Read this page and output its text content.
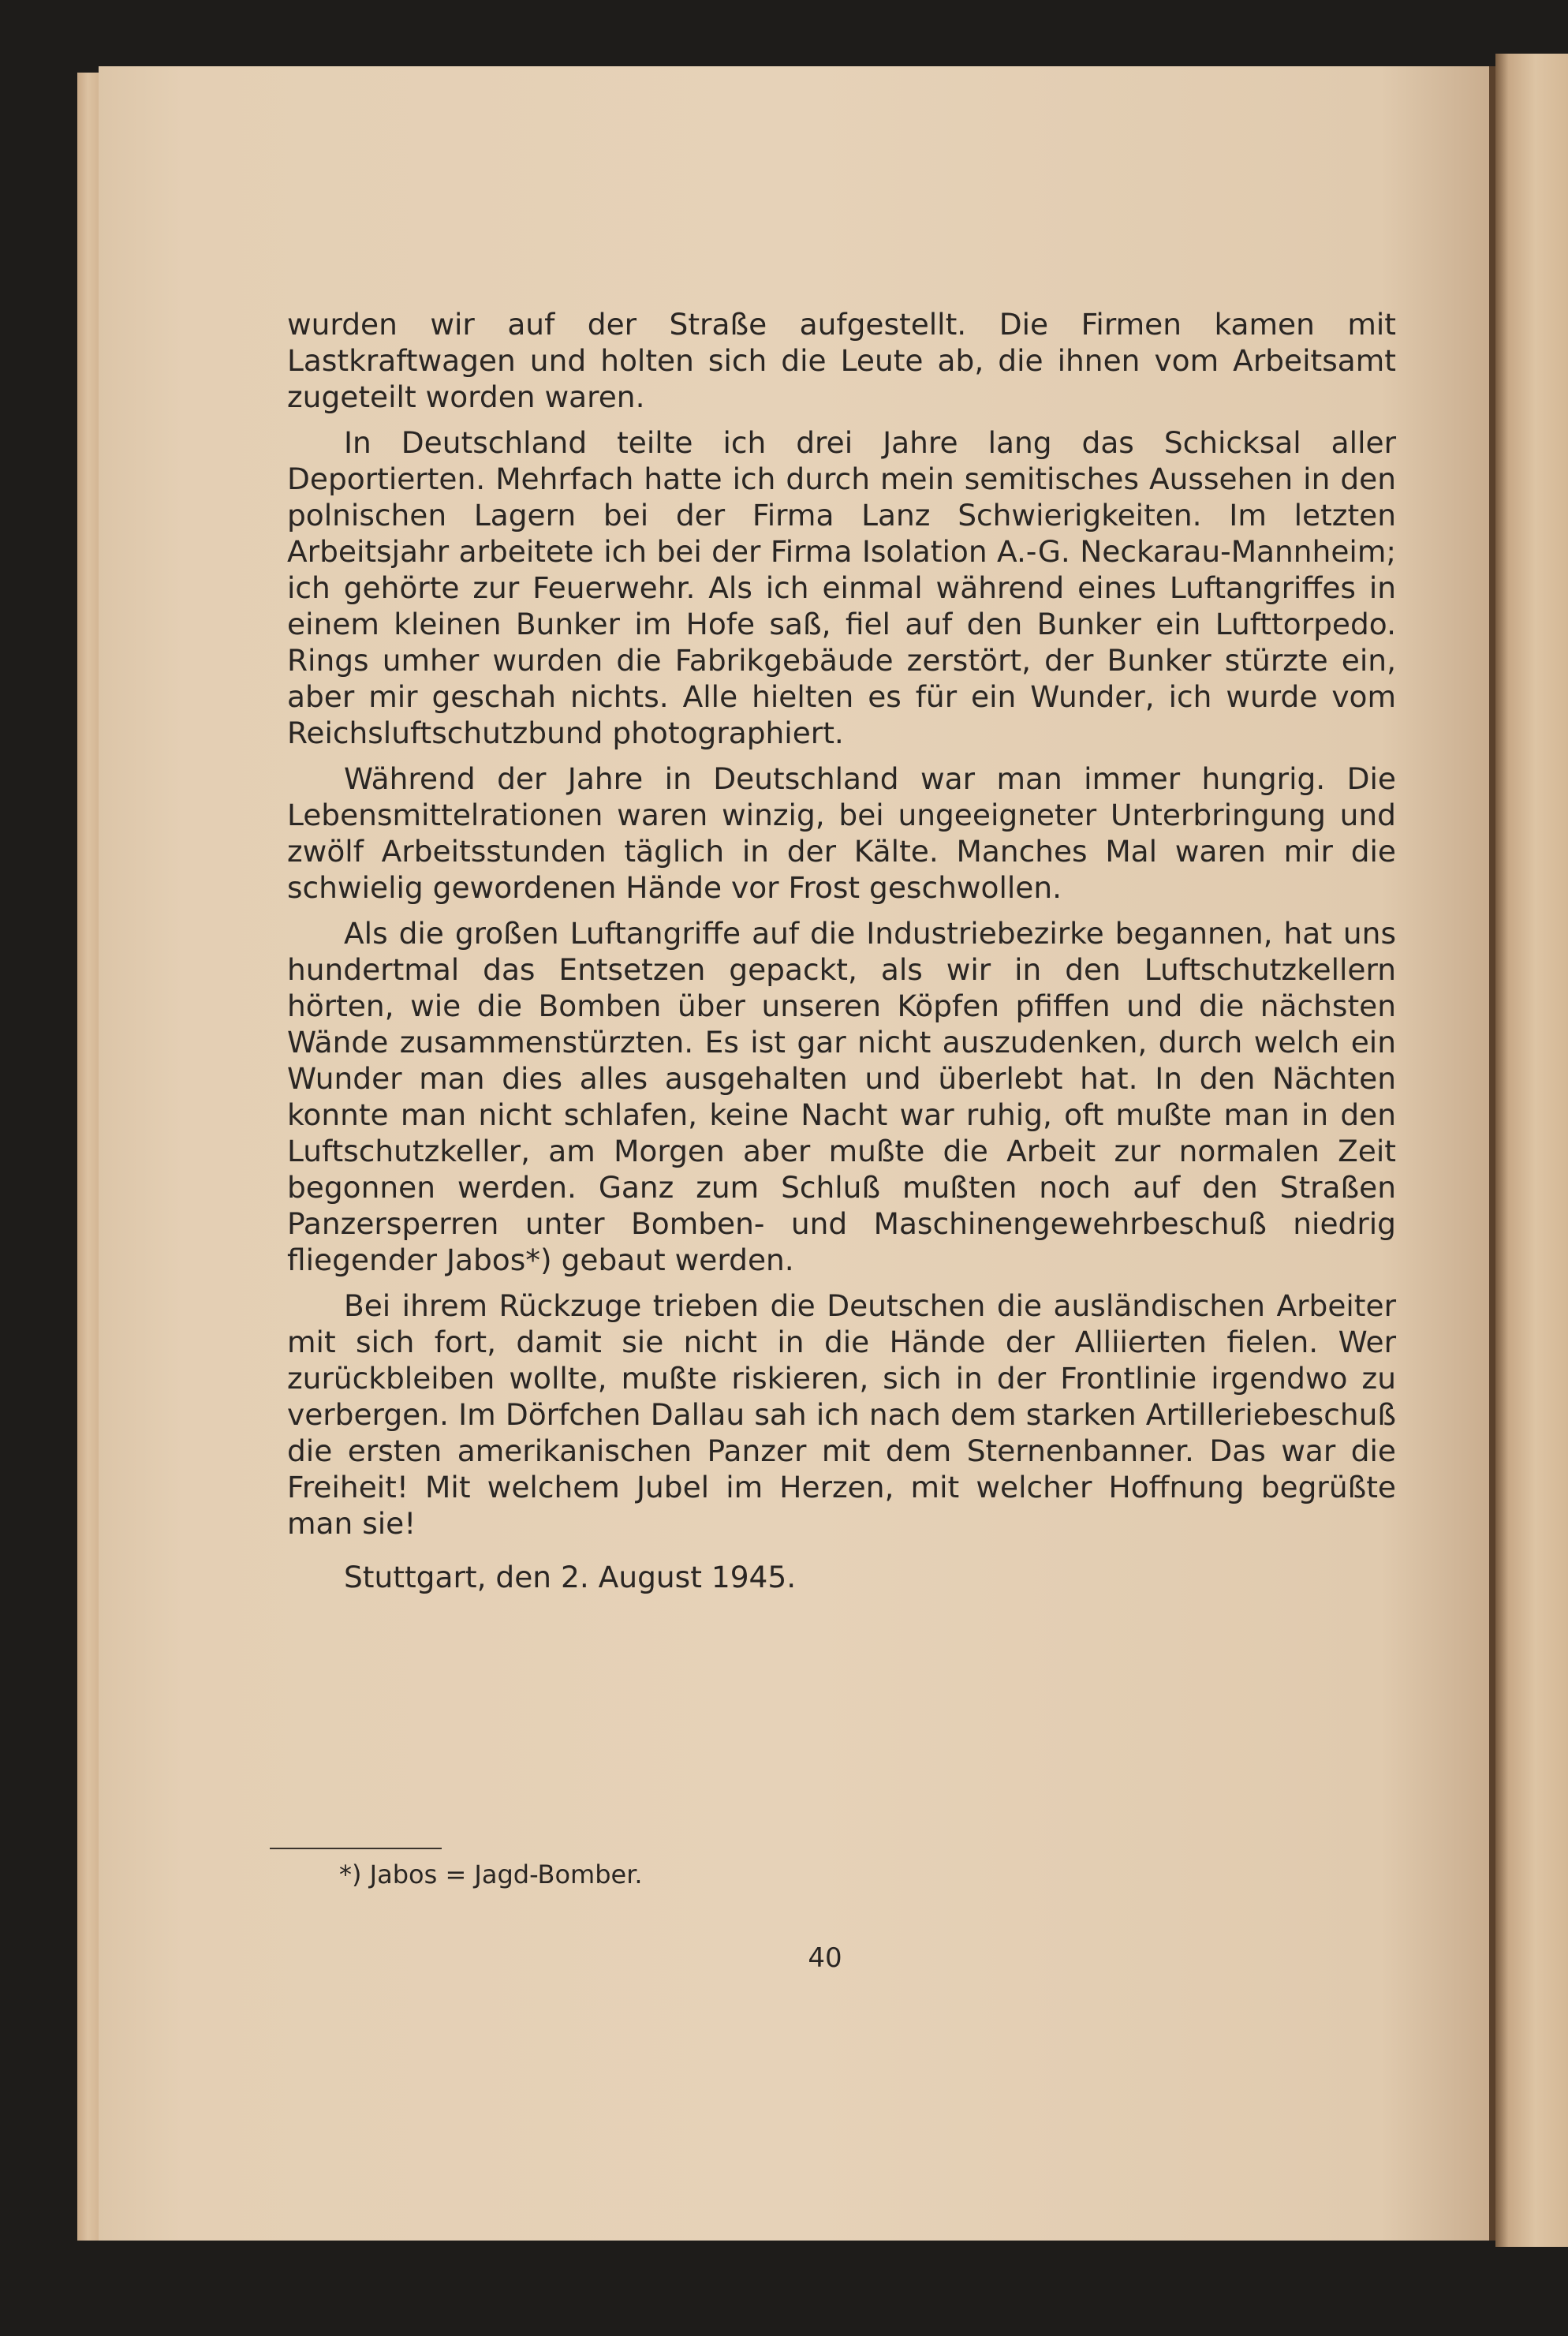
wurden wir auf der Straße aufgestellt. Die Firmen kamen mit Lastkraftwagen und holten sich die Leute ab, die ihnen vom Arbeitsamt zugeteilt worden waren.

In Deutschland teilte ich drei Jahre lang das Schicksal aller Deportierten. Mehrfach hatte ich durch mein semitisches Aussehen in den polnischen Lagern bei der Firma Lanz Schwierigkeiten. Im letzten Arbeitsjahr arbeitete ich bei der Firma Isolation A.-G. Neckarau-Mannheim; ich gehörte zur Feuerwehr. Als ich einmal während eines Luftangriffes in einem kleinen Bunker im Hofe saß, fiel auf den Bunker ein Lufttorpedo. Rings umher wurden die Fabrikgebäude zerstört, der Bunker stürzte ein, aber mir geschah nichts. Alle hielten es für ein Wunder, ich wurde vom Reichsluftschutzbund photographiert.

Während der Jahre in Deutschland war man immer hungrig. Die Lebensmittelrationen waren winzig, bei ungeeigneter Unterbringung und zwölf Arbeitsstunden täglich in der Kälte. Manches Mal waren mir die schwielig gewordenen Hände vor Frost geschwollen.

Als die großen Luftangriffe auf die Industriebezirke begannen, hat uns hundertmal das Entsetzen gepackt, als wir in den Luftschutzkellern hörten, wie die Bomben über unseren Köpfen pfiffen und die nächsten Wände zusammenstürzten. Es ist gar nicht auszudenken, durch welch ein Wunder man dies alles ausgehalten und überlebt hat. In den Nächten konnte man nicht schlafen, keine Nacht war ruhig, oft mußte man in den Luftschutzkeller, am Morgen aber mußte die Arbeit zur normalen Zeit begonnen werden. Ganz zum Schluß mußten noch auf den Straßen Panzersperren unter Bomben- und Maschinengewehrbeschuß niedrig fliegender Jabos*) gebaut werden.

Bei ihrem Rückzuge trieben die Deutschen die ausländischen Arbeiter mit sich fort, damit sie nicht in die Hände der Alliierten fielen. Wer zurückbleiben wollte, mußte riskieren, sich in der Frontlinie irgendwo zu verbergen. Im Dörfchen Dallau sah ich nach dem starken Artilleriebeschuß die ersten amerikanischen Panzer mit dem Sternenbanner. Das war die Freiheit! Mit welchem Jubel im Herzen, mit welcher Hoffnung begrüßte man sie!

Stuttgart, den 2. August 1945.
*) Jabos = Jagd-Bomber.
40
